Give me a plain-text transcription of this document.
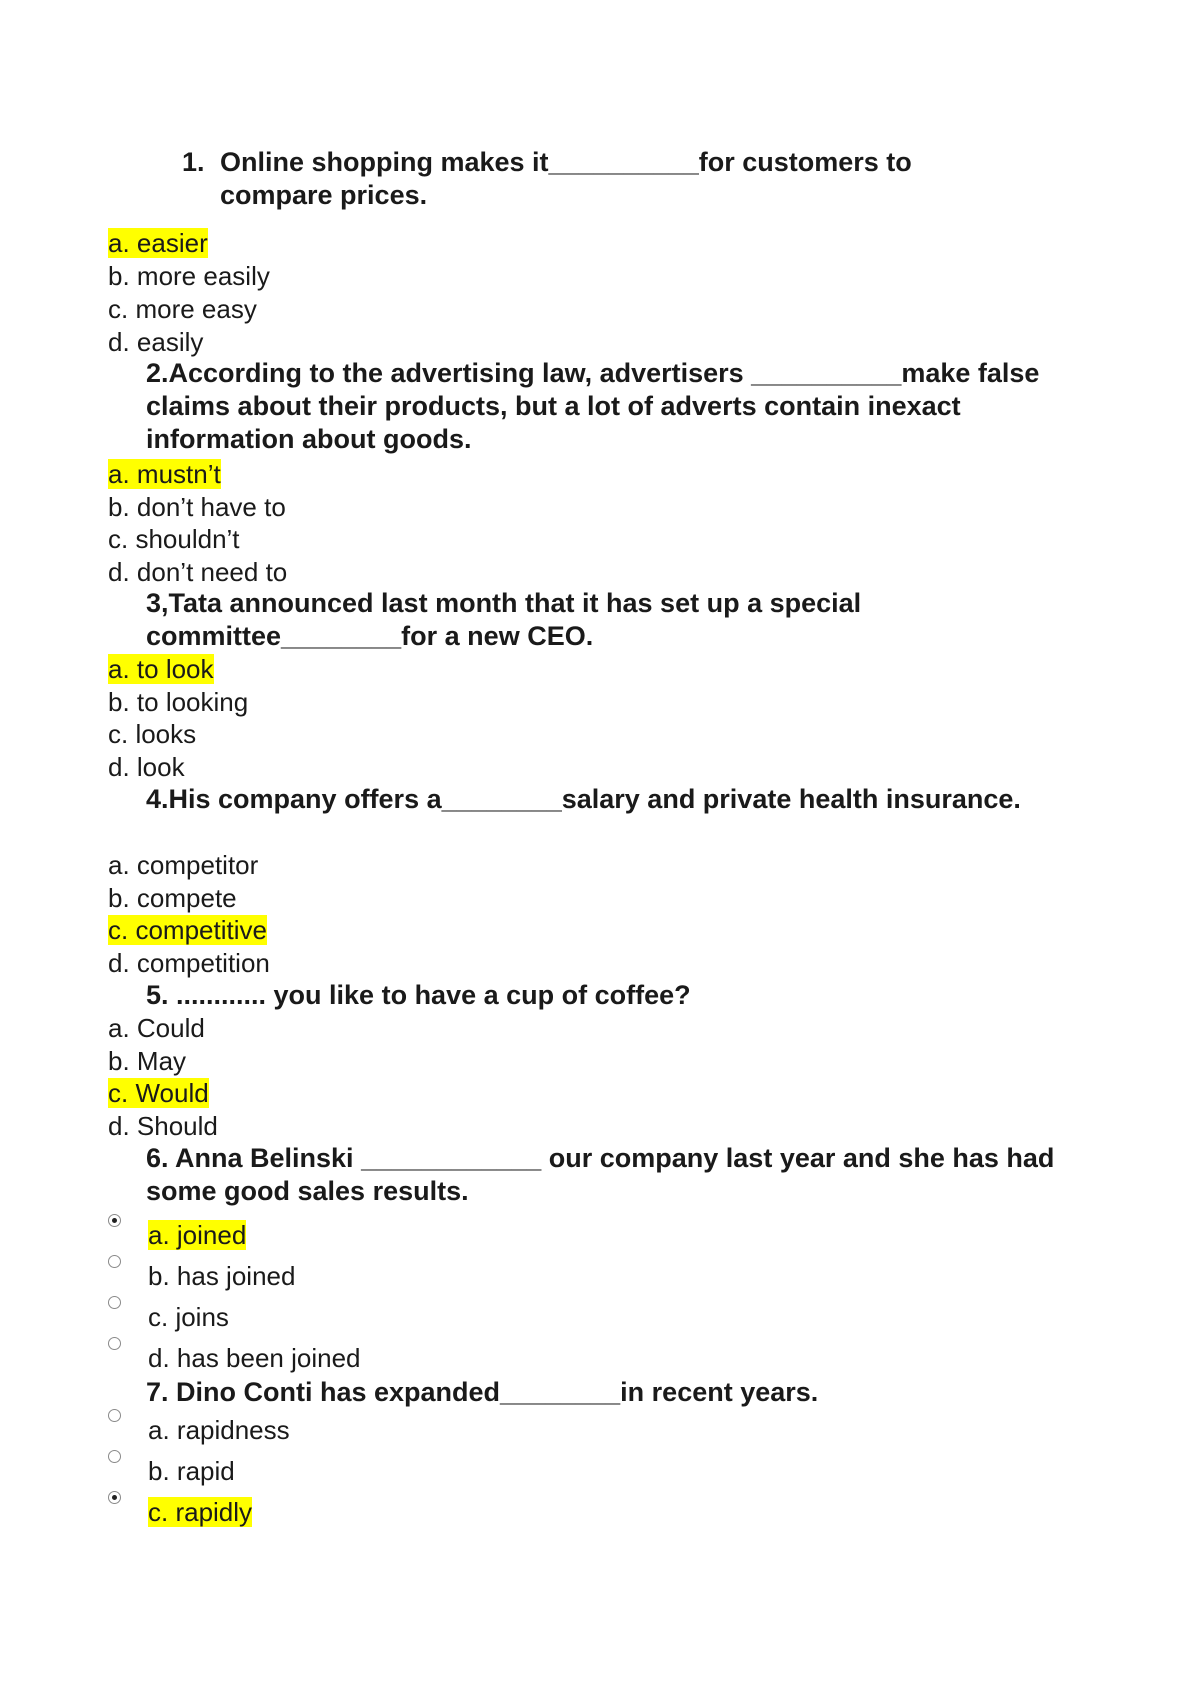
1. Online shopping makes it__________for customers to compare prices.
a. easier
b. more easily
c. more easy
d. easily
2.According to the advertising law, advertisers __________make false claims about their products, but a lot of adverts contain inexact information about goods.
a. mustn’t
b. don’t have to
c. shouldn’t
d. don’t need to
3,Tata announced last month that it has set up a special committee________for a new CEO.
a. to look
b. to looking
c. looks
d. look
4.His company offers a________salary and private health insurance.
a. competitor
b. compete
c. competitive
d. competition
5. ............ you like to have a cup of coffee?
a. Could
b. May
c. Would
d. Should
6. Anna Belinski ____________ our company last year and she has had some good sales results.
a. joined
b. has joined
c. joins
d. has been joined
7. Dino Conti has expanded________in recent years.
a. rapidness
b. rapid
c. rapidly
